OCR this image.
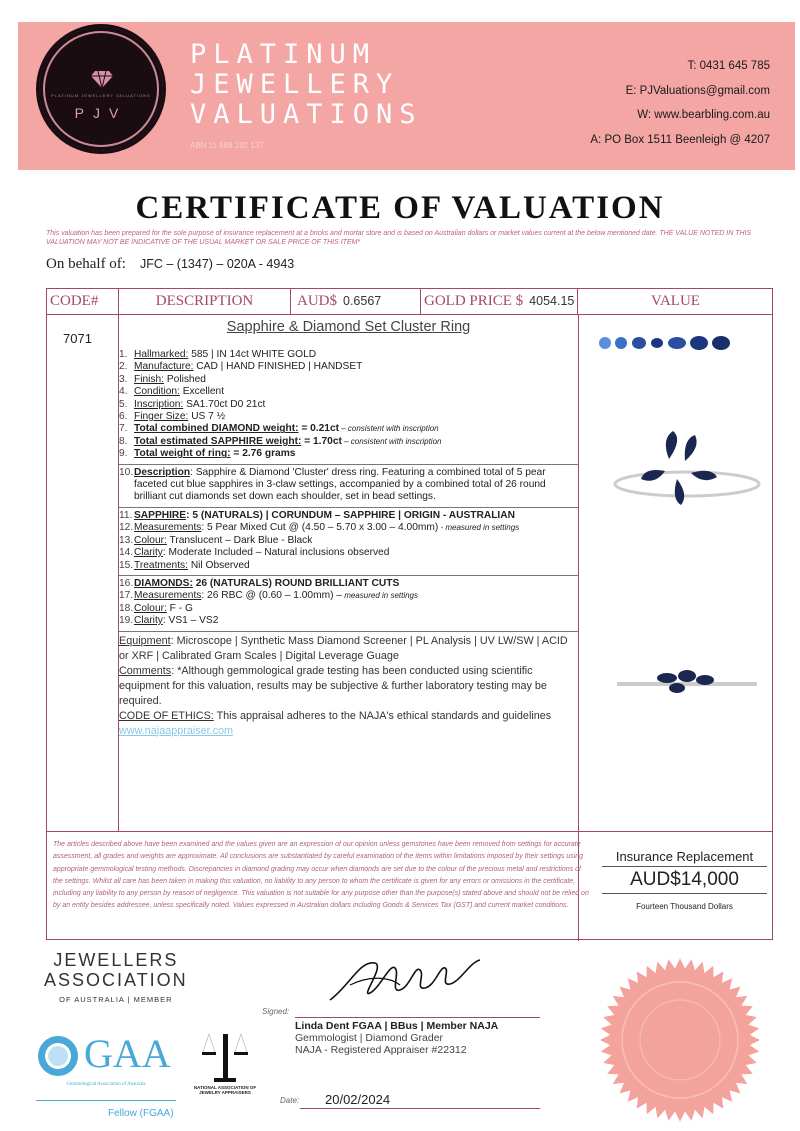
PLATINUM JEWELLERY VALUATIONS
PJV
PLATINUM
JEWELLERY
VALUATIONS
ABN 11 588 192 137
T: 0431 645 785
E: PJValuations@gmail.com
W: www.bearbling.com.au
A: PO Box 1511 Beenleigh @ 4207
CERTIFICATE OF VALUATION
This valuation has been prepared for the sole purpose of insurance replacement at a bricks and mortar store and is based on Australian dollars or market values current at the below mentioned date. THE VALUE NOTED IN THIS VALUATION MAY NOT BE INDICATIVE OF THE USUAL MARKET OR SALE PRICE OF THIS ITEM*
On behalf of: JFC – (1347) – 020A - 4943
CODE#	DESCRIPTION	AUD$ 0.6567	GOLD PRICE $ 4054.15	VALUE
7071
Sapphire & Diamond Set Cluster Ring
1. Hallmarked: 585 | IN 14ct WHITE GOLD
2. Manufacture: CAD | HAND FINISHED | HANDSET
3. Finish: Polished
4. Condition: Excellent
5. Inscription: SA1.70ct D0 21ct
6. Finger Size: US 7 ½
7. Total combined DIAMOND weight: = 0.21ct – consistent with inscription
8. Total estimated SAPPHIRE weight: = 1.70ct – consistent with inscription
9. Total weight of ring: = 2.76 grams
10. Description: Sapphire & Diamond 'Cluster' dress ring. Featuring a combined total of 5 pear faceted cut blue sapphires in 3-claw settings, accompanied by a combined total of 26 round brilliant cut diamonds set down each shoulder, set in bead settings.
11. SAPPHIRE: 5 (NATURALS) | CORUNDUM – SAPPHIRE | ORIGIN - AUSTRALIAN
12. Measurements: 5 Pear Mixed Cut @ (4.50 – 5.70 x 3.00 – 4.00mm) - measured in settings
13. Colour: Translucent – Dark Blue - Black
14. Clarity: Moderate Included – Natural inclusions observed
15. Treatments: Nil Observed
16. DIAMONDS: 26 (NATURALS) ROUND BRILLIANT CUTS
17. Measurements: 26 RBC @ (0.60 – 1.00mm) – measured in settings
18. Colour: F - G
19. Clarity: VS1 – VS2
Equipment: Microscope | Synthetic Mass Diamond Screener | PL Analysis | UV LW/SW | ACID or XRF | Calibrated Gram Scales | Digital Leverage Guage
Comments: *Although gemmological grade testing has been conducted using scientific equipment for this valuation, results may be subjective & further laboratory testing may be required.
CODE OF ETHICS: This appraisal adheres to the NAJA's ethical standards and guidelines
www.najaappraiser.com
The articles described above have been examined and the values given are an expression of our opinion unless gemstones have been removed from settings for accurate assessment, all grades and weights are approximate. All conclusions are substantiated by careful examination of the items within limitations imposed by their settings using appropriate gemmological testing methods. Discrepancies in diamond grading may occur when diamonds are set due to the colour of the precious metal and restrictions of the settings. Whilst all care has been taken in making this valuation, no liability to any person to whom the certificate is given for any errors or omissions in the certificate, including any liability to any person by reason of negligence. This valuation is not suitable for any purpose other than the purpose(s) stated above and should not be relied on by an entity besides addressee, unless specifically noted. Values expressed in Australian dollars including Goods & Services Tax (GST) and current market conditions.
Insurance Replacement
AUD$14,000
Fourteen Thousand Dollars
JEWELLERS
ASSOCIATION
OF AUSTRALIA | MEMBER
GAA
Gemmological Association of Australia
Fellow (FGAA)
NATIONAL ASSOCIATION OF JEWELRY APPRAISERS
Signed:
Linda Dent FGAA | BBus | Member NAJA
Gemmologist | Diamond Grader
NAJA - Registered Appraiser #22312
Date: 20/02/2024
